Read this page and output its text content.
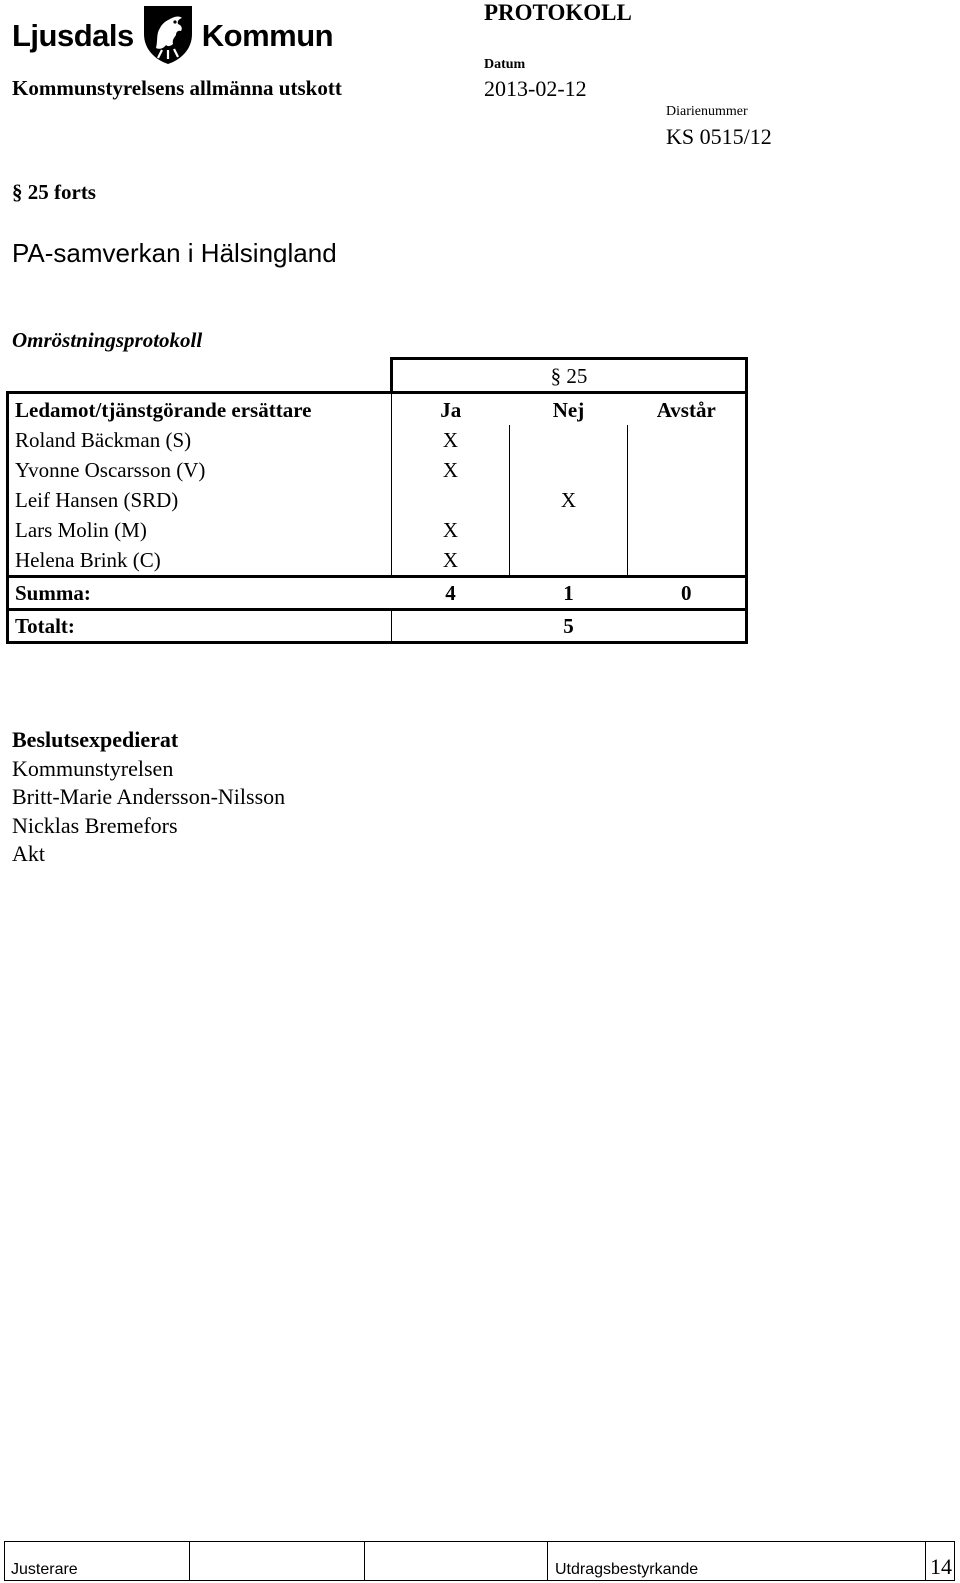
Ljusdals Kommun
PROTOKOLL
Kommunstyrelsens allmänna utskott
Datum
2013-02-12
Diarienummer
KS 0515/12
§ 25 forts
PA-samverkan i Hälsingland
Omröstningsprotokoll
	§ 25		
Ledamot/tjänstgörande ersättare	Ja	Nej	Avstår
Roland Bäckman (S)	X		
Yvonne Oscarsson (V)	X		
Leif Hansen (SRD)		X	
Lars Molin (M)	X		
Helena Brink (C)	X		
Summa:	4	1	0
Totalt:	5		
Beslutsexpedierat
Kommunstyrelsen
Britt-Marie Andersson-Nilsson
Nicklas Bremefors
Akt
Justerare	Utdragsbestyrkande	14
